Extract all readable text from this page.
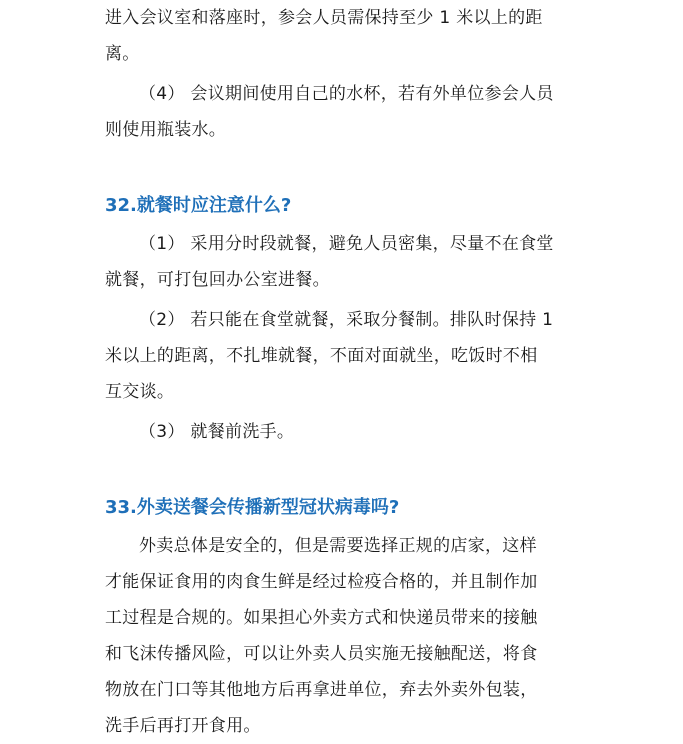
进入会议室和落座时，参会人员需保持至少 1 米以上的距
离。

（4） 会议期间使用自己的水杯，若有外单位参会人员
则使用瓶装水。

32.就餐时应注意什么?

（1） 采用分时段就餐，避免人员密集，尽量不在食堂
就餐，可打包回办公室进餐。

（2） 若只能在食堂就餐，采取分餐制。排队时保持 1
米以上的距离，不扎堆就餐，不面对面就坐，吃饭时不相
互交谈。

（3） 就餐前洗手。

33.外卖送餐会传播新型冠状病毒吗?

外卖总体是安全的，但是需要选择正规的店家，这样
才能保证食用的肉食生鲜是经过检疫合格的，并且制作加
工过程是合规的。如果担心外卖方式和快递员带来的接触
和飞沫传播风险，可以让外卖人员实施无接触配送，将食
物放在门口等其他地方后再拿进单位，弃去外卖外包装，
洗手后再打开食用。
